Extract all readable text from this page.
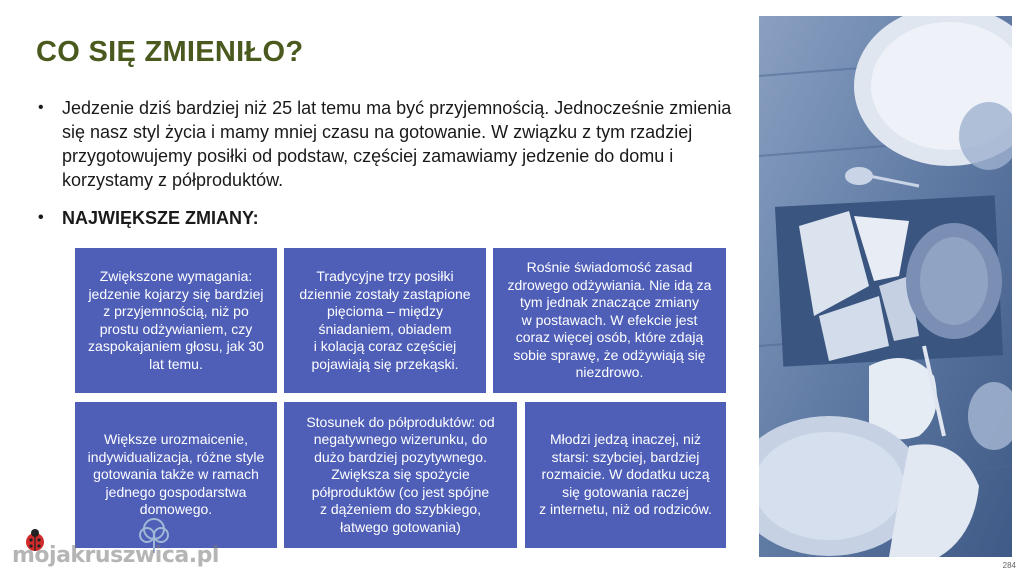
CO SIĘ ZMIENIŁO?
•	Jedzenie dziś bardziej niż 25 lat temu ma być przyjemnością. Jednocześnie zmienia się nasz styl życia i mamy mniej czasu na gotowanie. W związku z tym rzadziej przygotowujemy posiłki od podstaw, częściej zamawiamy jedzenie do domu i korzystamy z półproduktów.
•	NAJWIĘKSZE ZMIANY:
Zwiększone wymagania:
jedzenie kojarzy się bardziej
z przyjemnością, niż po
prostu odżywianiem, czy
zaspokajaniem głosu, jak 30
lat temu.
Tradycyjne trzy posiłki
dziennie zostały zastąpione
pięcioma – między
śniadaniem, obiadem
i kolacją coraz częściej
pojawiają się przekąski.
Rośnie świadomość zasad
zdrowego odżywiania. Nie idą za
tym jednak znaczące zmiany
w postawach. W efekcie jest
coraz więcej osób, które zdają
sobie sprawę, że odżywiają się
niezdrowo.
Większe urozmaicenie,
indywidualizacja, różne style
gotowania także w ramach
jednego gospodarstwa
domowego.
Stosunek do półproduktów: od
negatywnego wizerunku, do
dużo bardziej pozytywnego.
Zwiększa się spożycie
półproduktów (co jest spójne
z dążeniem do szybkiego,
łatwego gotowania)
Młodzi jedzą inaczej, niż
starsi: szybciej, bardziej
rozmaicie. W dodatku uczą
się gotowania raczej
z internetu, niż od rodziców.
mojakruszwica.pl	284
